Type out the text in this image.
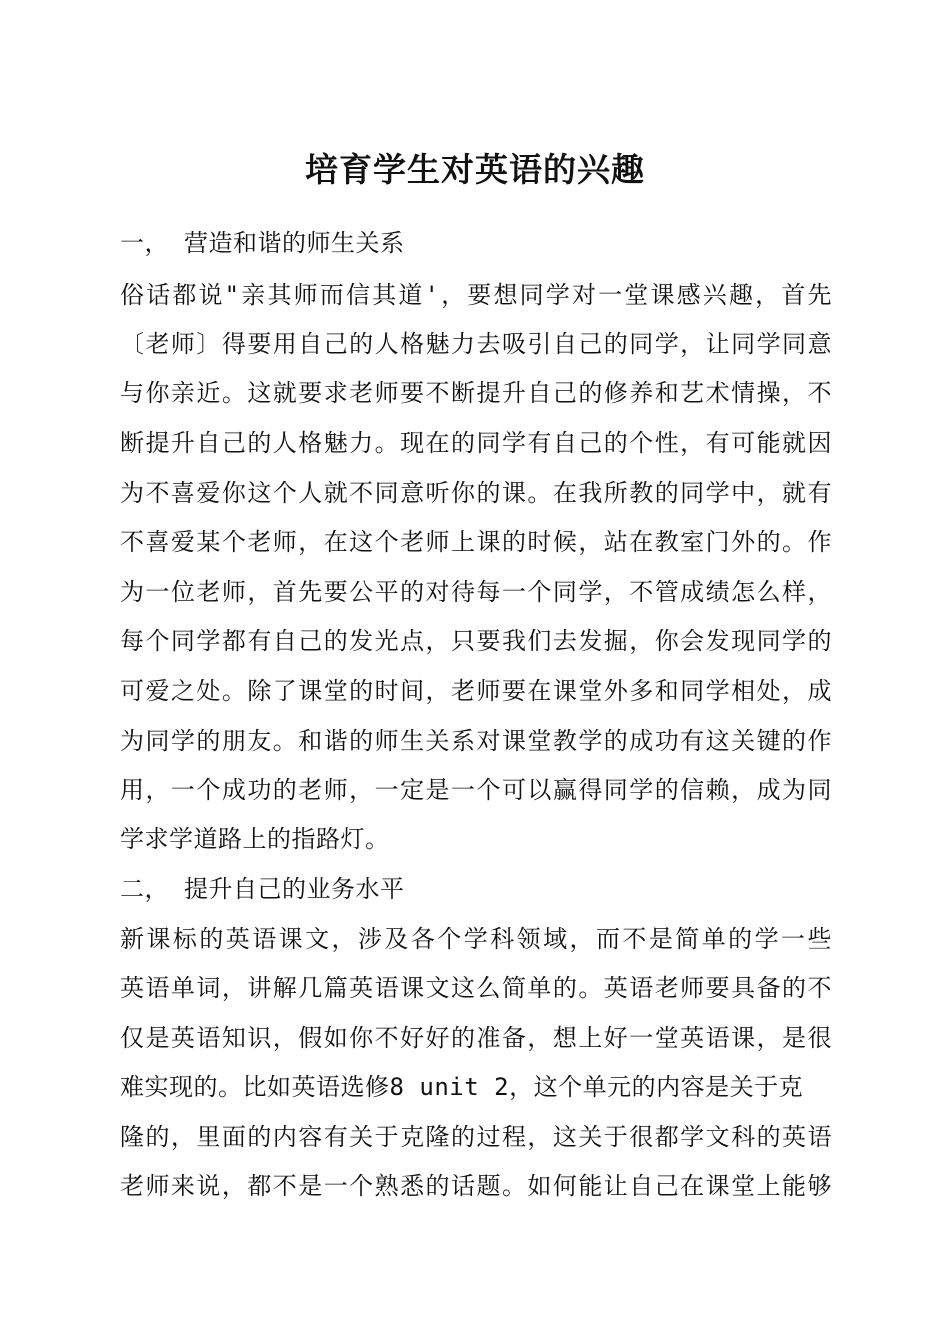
培育学生对英语的兴趣
一， 营造和谐的师生关系
俗话都说"亲其师而信其道'，要想同学对一堂课感兴趣，首先
〔老师〕得要用自己的人格魅力去吸引自己的同学，让同学同意
与你亲近。这就要求老师要不断提升自己的修养和艺术情操，不
断提升自己的人格魅力。现在的同学有自己的个性，有可能就因
为不喜爱你这个人就不同意听你的课。在我所教的同学中，就有
不喜爱某个老师，在这个老师上课的时候，站在教室门外的。作
为一位老师，首先要公平的对待每一个同学，不管成绩怎么样，
每个同学都有自己的发光点，只要我们去发掘，你会发现同学的
可爱之处。除了课堂的时间，老师要在课堂外多和同学相处，成
为同学的朋友。和谐的师生关系对课堂教学的成功有这关键的作
用，一个成功的老师，一定是一个可以赢得同学的信赖，成为同
学求学道路上的指路灯。
二， 提升自己的业务水平
新课标的英语课文，涉及各个学科领域，而不是简单的学一些
英语单词，讲解几篇英语课文这么简单的。英语老师要具备的不
仅是英语知识，假如你不好好的准备，想上好一堂英语课，是很
难实现的。比如英语选修8 unit 2，这个单元的内容是关于克
隆的，里面的内容有关于克隆的过程，这关于很都学文科的英语
老师来说，都不是一个熟悉的话题。如何能让自己在课堂上能够
